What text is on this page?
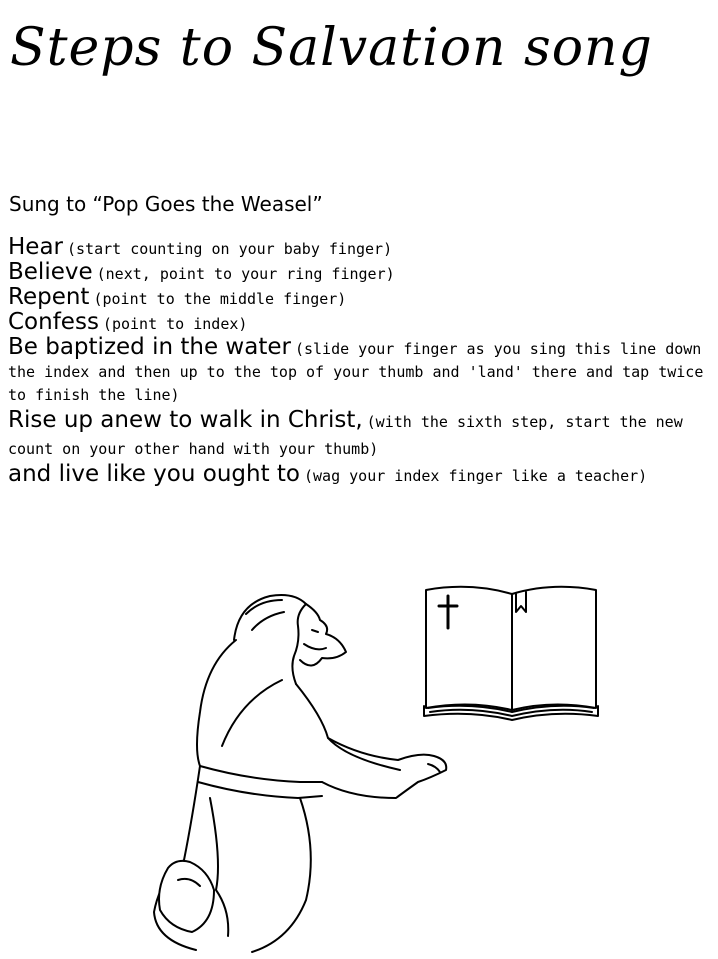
Steps to Salvation song

Sung to “Pop Goes the Weasel”

Hear (start counting on your baby finger)
Believe (next, point to your ring finger)
Repent (point to the middle finger)
Confess (point to index)
Be baptized in the water (slide your finger as you sing this line down the index and then up to the top of your thumb and 'land' there and tap twice to finish the line)
Rise up anew to walk in Christ, (with the sixth step, start the new count on your other hand with your thumb)
and live like you ought to (wag your index finger like a teacher)
